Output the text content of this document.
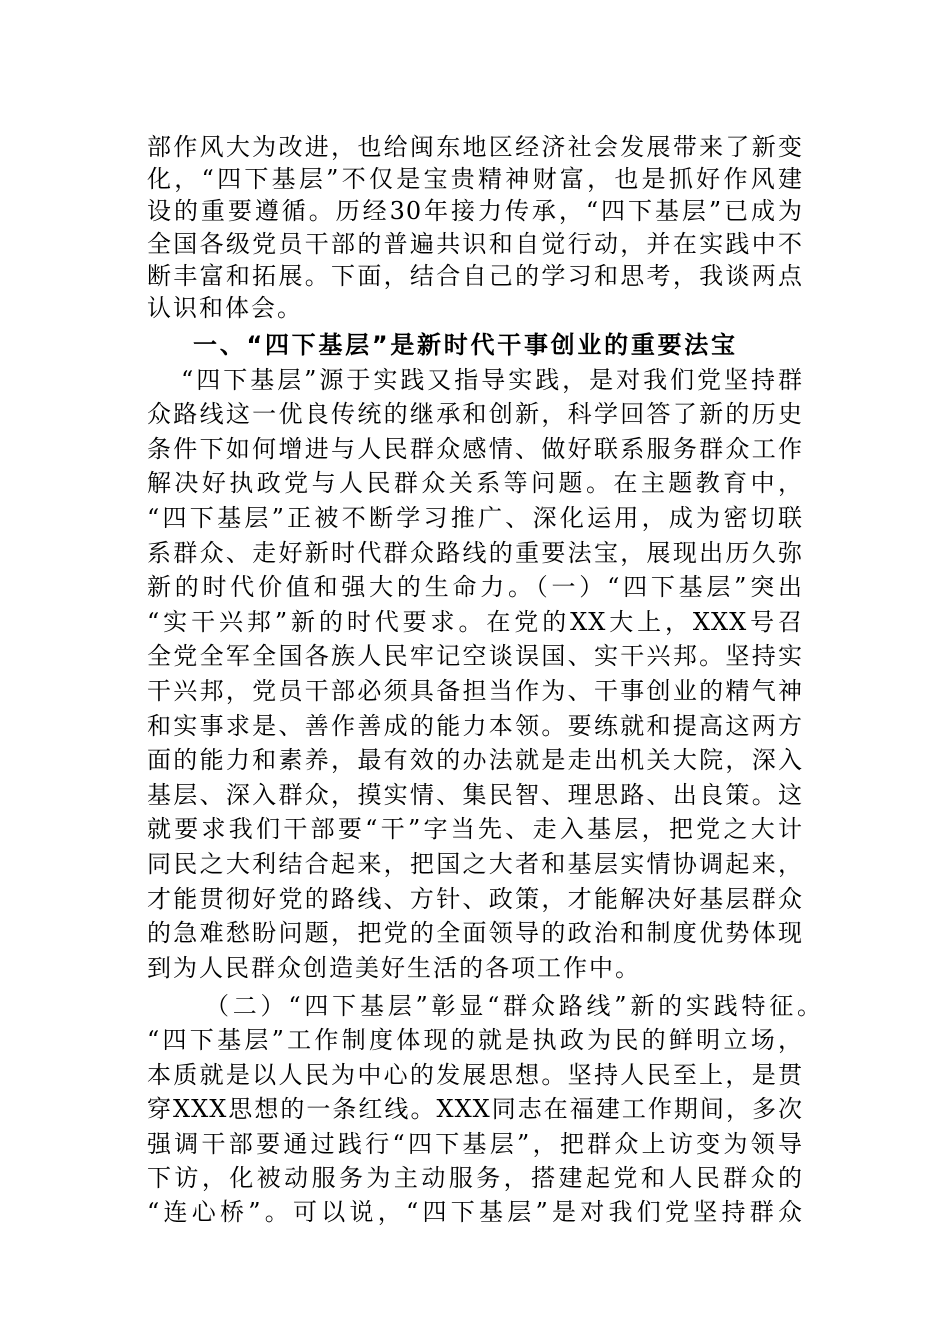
部作风大为改进，也给闽东地区经济社会发展带来了新变
化，“四下基层”不仅是宝贵精神财富，也是抓好作风建
设的重要遵循。历经30年接力传承，“四下基层”已成为
全国各级党员干部的普遍共识和自觉行动，并在实践中不
断丰富和拓展。下面，结合自己的学习和思考，我谈两点
认识和体会。
一、“四下基层”是新时代干事创业的重要法宝
“四下基层”源于实践又指导实践，是对我们党坚持群
众路线这一优良传统的继承和创新，科学回答了新的历史
条件下如何增进与人民群众感情、做好联系服务群众工作
解决好执政党与人民群众关系等问题。在主题教育中，
“四下基层”正被不断学习推广、深化运用，成为密切联
系群众、走好新时代群众路线的重要法宝，展现出历久弥
新的时代价值和强大的生命力。（一）“四下基层”突出
“实干兴邦”新的时代要求。在党的XX大上，XXX号召
全党全军全国各族人民牢记空谈误国、实干兴邦。坚持实
干兴邦，党员干部必须具备担当作为、干事创业的精气神
和实事求是、善作善成的能力本领。要练就和提高这两方
面的能力和素养，最有效的办法就是走出机关大院，深入
基层、深入群众，摸实情、集民智、理思路、出良策。这
就要求我们干部要“干”字当先、走入基层，把党之大计
同民之大利结合起来，把国之大者和基层实情协调起来，
才能贯彻好党的路线、方针、政策，才能解决好基层群众
的急难愁盼问题，把党的全面领导的政治和制度优势体现
到为人民群众创造美好生活的各项工作中。
（二）“四下基层”彰显“群众路线”新的实践特征。
“四下基层”工作制度体现的就是执政为民的鲜明立场，
本质就是以人民为中心的发展思想。坚持人民至上，是贯
穿XXX思想的一条红线。XXX同志在福建工作期间，多次
强调干部要通过践行“四下基层”，把群众上访变为领导
下访，化被动服务为主动服务，搭建起党和人民群众的
“连心桥”。可以说，“四下基层”是对我们党坚持群众
